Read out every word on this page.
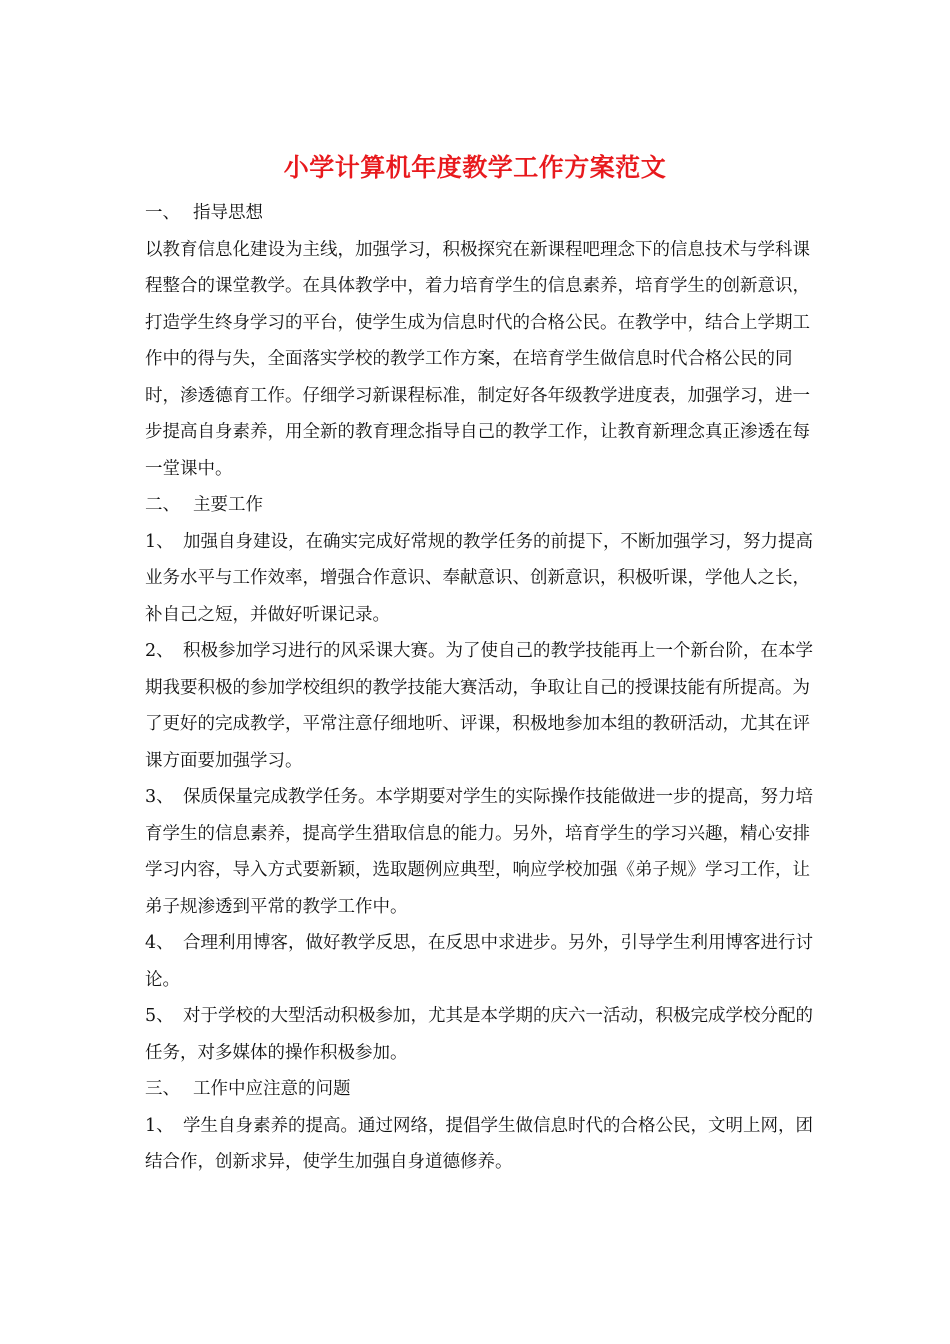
小学计算机年度教学工作方案范文

一、 指导思想

以教育信息化建设为主线，加强学习，积极探究在新课程吧理念下的信息技术与学科课程整合的课堂教学。在具体教学中，着力培育学生的信息素养，培育学生的创新意识，打造学生终身学习的平台，使学生成为信息时代的合格公民。在教学中，结合上学期工作中的得与失，全面落实学校的教学工作方案，在培育学生做信息时代合格公民的同时，渗透德育工作。仔细学习新课程标准，制定好各年级教学进度表，加强学习，进一步提高自身素养，用全新的教育理念指导自己的教学工作，让教育新理念真正渗透在每一堂课中。

二、 主要工作

1、 加强自身建设，在确实完成好常规的教学任务的前提下，不断加强学习，努力提高业务水平与工作效率，增强合作意识、奉献意识、创新意识，积极听课，学他人之长，补自己之短，并做好听课记录。

2、 积极参加学习进行的风采课大赛。为了使自己的教学技能再上一个新台阶，在本学期我要积极的参加学校组织的教学技能大赛活动，争取让自己的授课技能有所提高。为了更好的完成教学，平常注意仔细地听、评课，积极地参加本组的教研活动，尤其在评课方面要加强学习。

3、 保质保量完成教学任务。本学期要对学生的实际操作技能做进一步的提高，努力培育学生的信息素养，提高学生猎取信息的能力。另外，培育学生的学习兴趣，精心安排学习内容，导入方式要新颖，选取题例应典型，响应学校加强《弟子规》学习工作，让弟子规渗透到平常的教学工作中。

4、 合理利用博客，做好教学反思，在反思中求进步。另外，引导学生利用博客进行讨论。

5、 对于学校的大型活动积极参加，尤其是本学期的庆六一活动，积极完成学校分配的任务，对多媒体的操作积极参加。

三、 工作中应注意的问题

1、 学生自身素养的提高。通过网络，提倡学生做信息时代的合格公民，文明上网，团结合作，创新求异，使学生加强自身道德修养。
